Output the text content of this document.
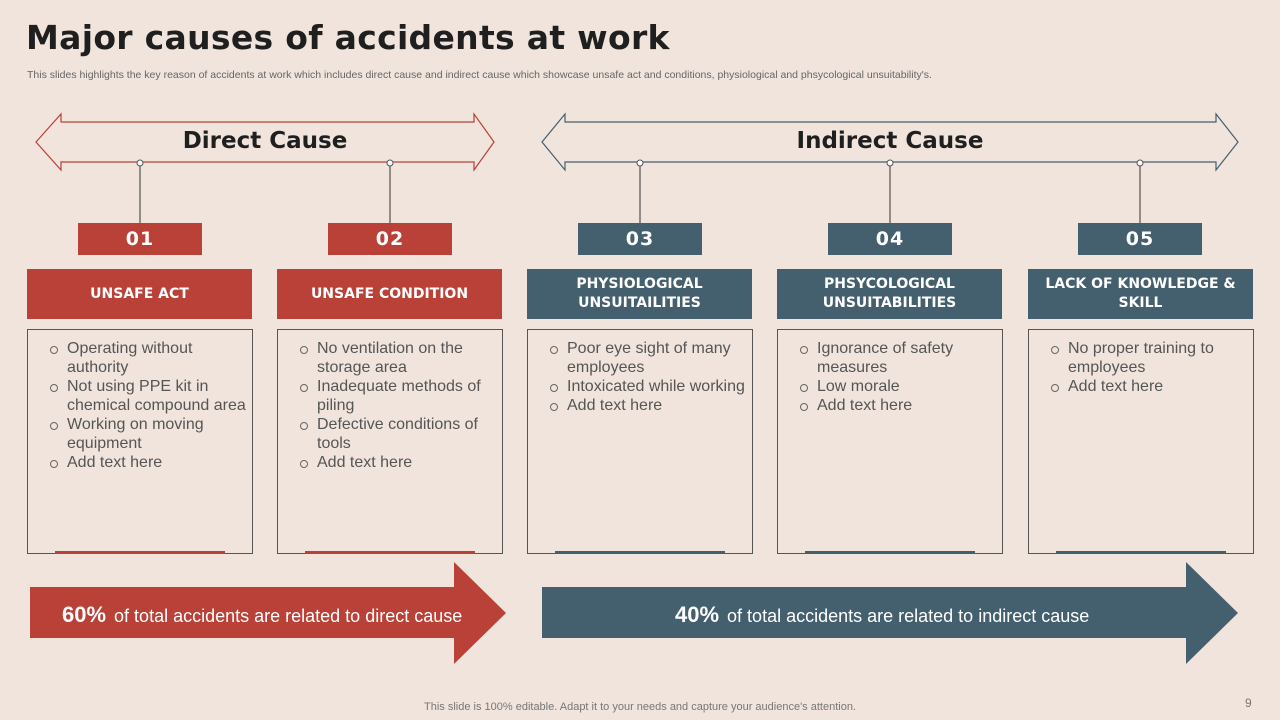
Major causes of accidents at work
This slides highlights the key reason of accidents at work which includes direct cause and indirect cause which showcase unsafe act and conditions, physiological and phsycological unsuitability's.
Direct Cause	Indirect Cause
01
UNSAFE ACT
Operating without authority
Not using PPE kit in chemical compound area
Working on moving equipment
Add text here
02
UNSAFE CONDITION
No ventilation on the storage area
Inadequate methods of piling
Defective conditions of tools
Add text here
03
PHYSIOLOGICAL UNSUITAILITIES
Poor eye sight of many employees
Intoxicated while working
Add text here
04
PHSYCOLOGICAL UNSUITABILITIES
Ignorance of safety measures
Low morale
Add text here
05
LACK OF KNOWLEDGE & SKILL
No proper training to employees
Add text here
60% of total accidents are related to direct cause	40% of total accidents are related to indirect cause
This slide is 100% editable. Adapt it to your needs and capture your audience's attention.	9
